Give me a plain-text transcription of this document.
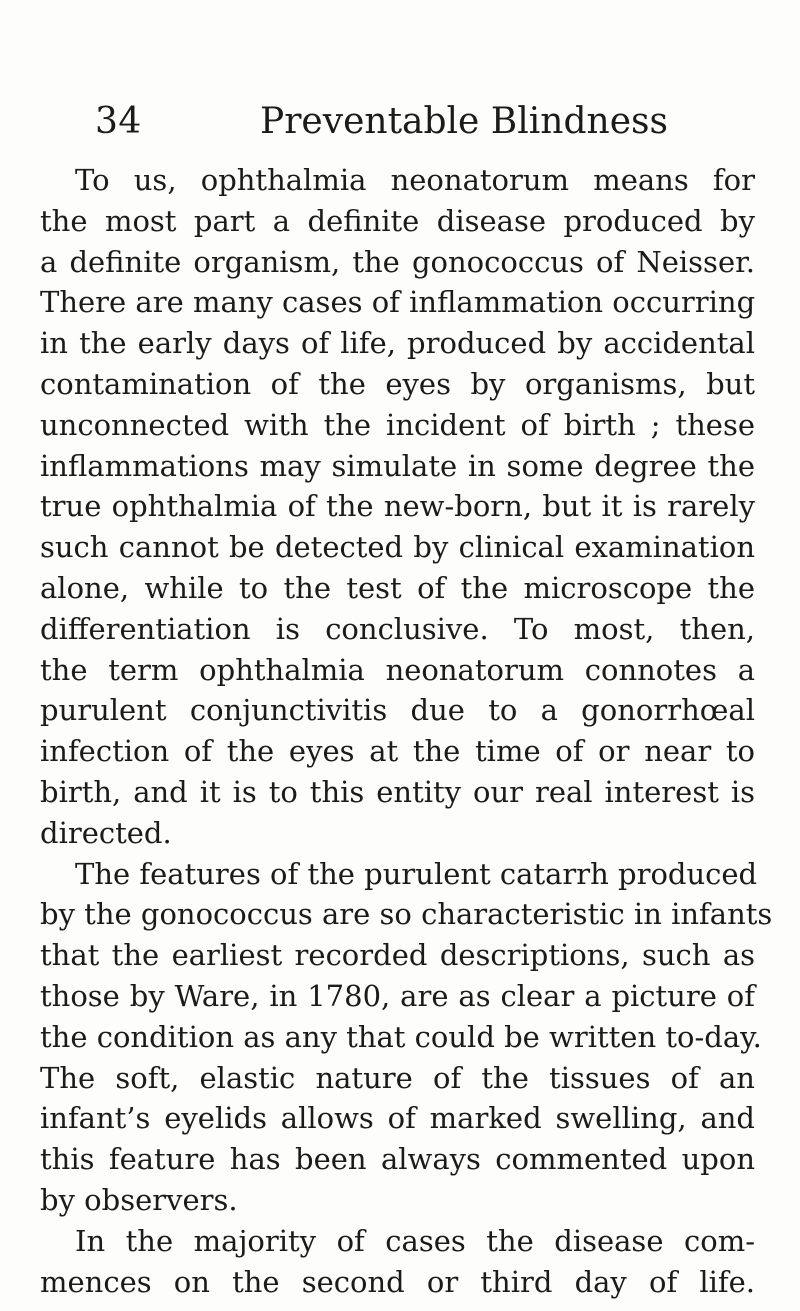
34	Preventable Blindness
To us, ophthalmia neonatorum means for
the most part a definite disease produced by
a definite organism, the gonococcus of Neisser.
There are many cases of inflammation occurring
in the early days of life, produced by accidental
contamination of the eyes by organisms, but
unconnected with the incident of birth ; these
inflammations may simulate in some degree the
true ophthalmia of the new-born, but it is rarely
such cannot be detected by clinical examination
alone, while to the test of the microscope the
differentiation is conclusive. To most, then,
the term ophthalmia neonatorum connotes a
purulent conjunctivitis due to a gonorrhœal
infection of the eyes at the time of or near to
birth, and it is to this entity our real interest is
directed.
The features of the purulent catarrh produced
by the gonococcus are so characteristic in infants
that the earliest recorded descriptions, such as
those by Ware, in 1780, are as clear a picture of
the condition as any that could be written to-day.
The soft, elastic nature of the tissues of an
infant’s eyelids allows of marked swelling, and
this feature has been always commented upon
by observers.
In the majority of cases the disease com-
mences on the second or third day of life.
